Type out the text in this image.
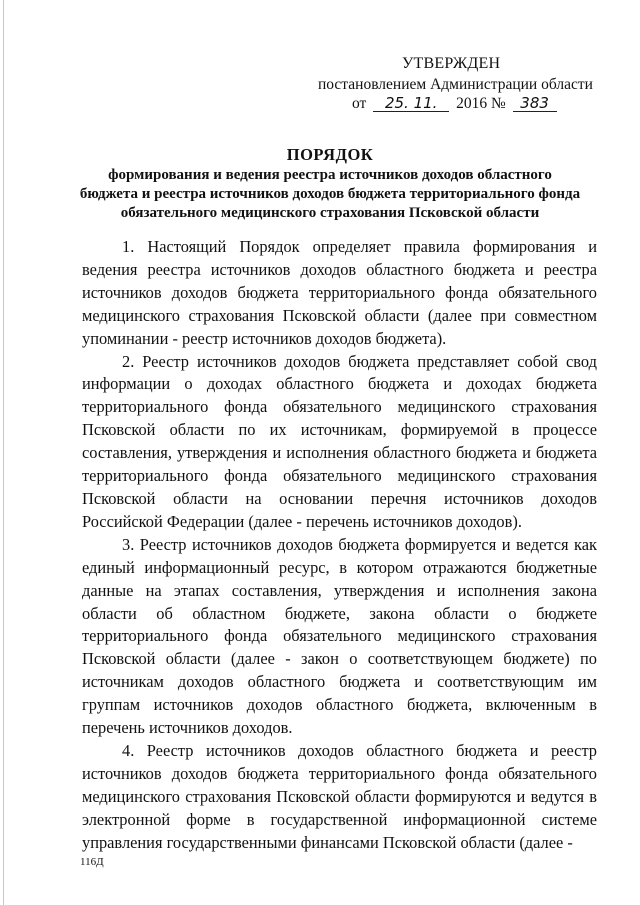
УТВЕРЖДЕН
постановлением Администрации области
от 25. 11. 2016 № 383
ПОРЯДОК
формирования и ведения реестра источников доходов областного
бюджета и реестра источников доходов бюджета территориального фонда
обязательного медицинского страхования Псковской области

1. Настоящий Порядок определяет правила формирования и ведения реестра источников доходов областного бюджета и реестра источников доходов бюджета территориального фонда обязательного медицинского страхования Псковской области (далее при совместном упоминании - реестр источников доходов бюджета).

2. Реестр источников доходов бюджета представляет собой свод информации о доходах областного бюджета и доходах бюджета территориального фонда обязательного медицинского страхования Псковской области по их источникам, формируемой в процессе составления, утверждения и исполнения областного бюджета и бюджета территориального фонда обязательного медицинского страхования Псковской области на основании перечня источников доходов Российской Федерации (далее - перечень источников доходов).

3. Реестр источников доходов бюджета формируется и ведется как единый информационный ресурс, в котором отражаются бюджетные данные на этапах составления, утверждения и исполнения закона области об областном бюджете, закона области о бюджете территориального фонда обязательного медицинского страхования Псковской области (далее - закон о соответствующем бюджете) по источникам доходов областного бюджета и соответствующим им группам источников доходов областного бюджета, включенным в перечень источников доходов.

4. Реестр источников доходов областного бюджета и реестр источников доходов бюджета территориального фонда обязательного медицинского страхования Псковской области формируются и ведутся в электронной форме в государственной информационной системе управления государственными финансами Псковской области (далее -

116Д
